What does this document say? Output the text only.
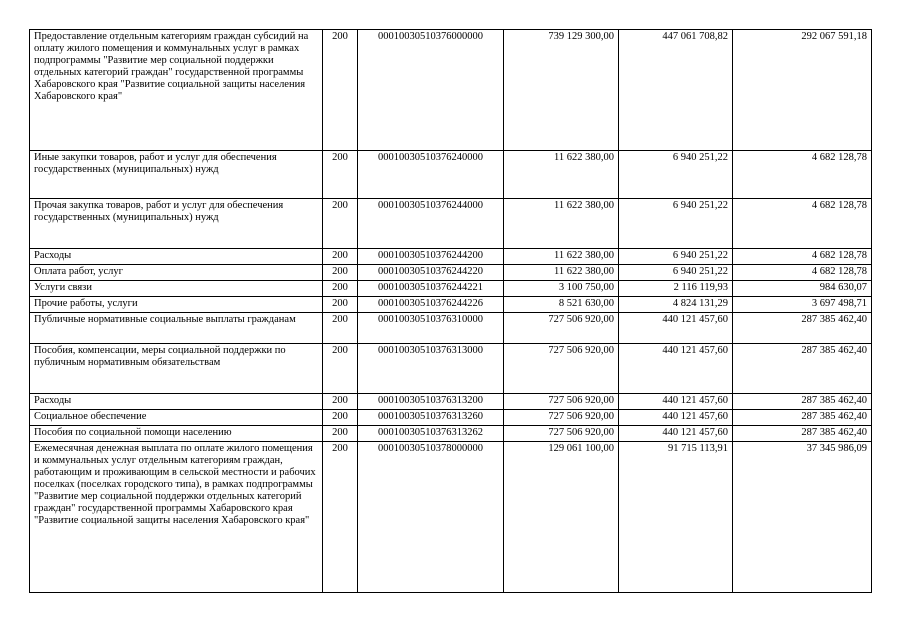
Предоставление отдельным категориям граждан субсидий на оплату жилого помещения и коммунальных услуг в рамках подпрограммы "Развитие мер социальной поддержки отдельных категорий граждан" государственной программы Хабаровского края "Развитие социальной защиты населения Хабаровского края"	200	00010030510376000000	739 129 300,00	447 061 708,82	292 067 591,18
Иные закупки товаров, работ и услуг для обеспечения государственных (муниципальных) нужд	200	00010030510376240000	11 622 380,00	6 940 251,22	4 682 128,78
Прочая закупка товаров, работ и услуг для обеспечения государственных (муниципальных) нужд	200	00010030510376244000	11 622 380,00	6 940 251,22	4 682 128,78
Расходы	200	00010030510376244200	11 622 380,00	6 940 251,22	4 682 128,78
Оплата работ, услуг	200	00010030510376244220	11 622 380,00	6 940 251,22	4 682 128,78
Услуги связи	200	00010030510376244221	3 100 750,00	2 116 119,93	984 630,07
Прочие работы, услуги	200	00010030510376244226	8 521 630,00	4 824 131,29	3 697 498,71
Публичные нормативные социальные выплаты гражданам	200	00010030510376310000	727 506 920,00	440 121 457,60	287 385 462,40
Пособия, компенсации, меры социальной поддержки по публичным нормативным обязательствам	200	00010030510376313000	727 506 920,00	440 121 457,60	287 385 462,40
Расходы	200	00010030510376313200	727 506 920,00	440 121 457,60	287 385 462,40
Социальное обеспечение	200	00010030510376313260	727 506 920,00	440 121 457,60	287 385 462,40
Пособия по социальной помощи населению	200	00010030510376313262	727 506 920,00	440 121 457,60	287 385 462,40
Ежемесячная денежная выплата по оплате жилого помещения и коммунальных услуг отдельным категориям граждан, работающим и проживающим в сельской местности и рабочих поселках (поселках городского типа), в рамках подпрограммы "Развитие мер социальной поддержки отдельных категорий граждан" государственной программы Хабаровского края "Развитие социальной защиты населения Хабаровского края"	200	00010030510378000000	129 061 100,00	91 715 113,91	37 345 986,09
